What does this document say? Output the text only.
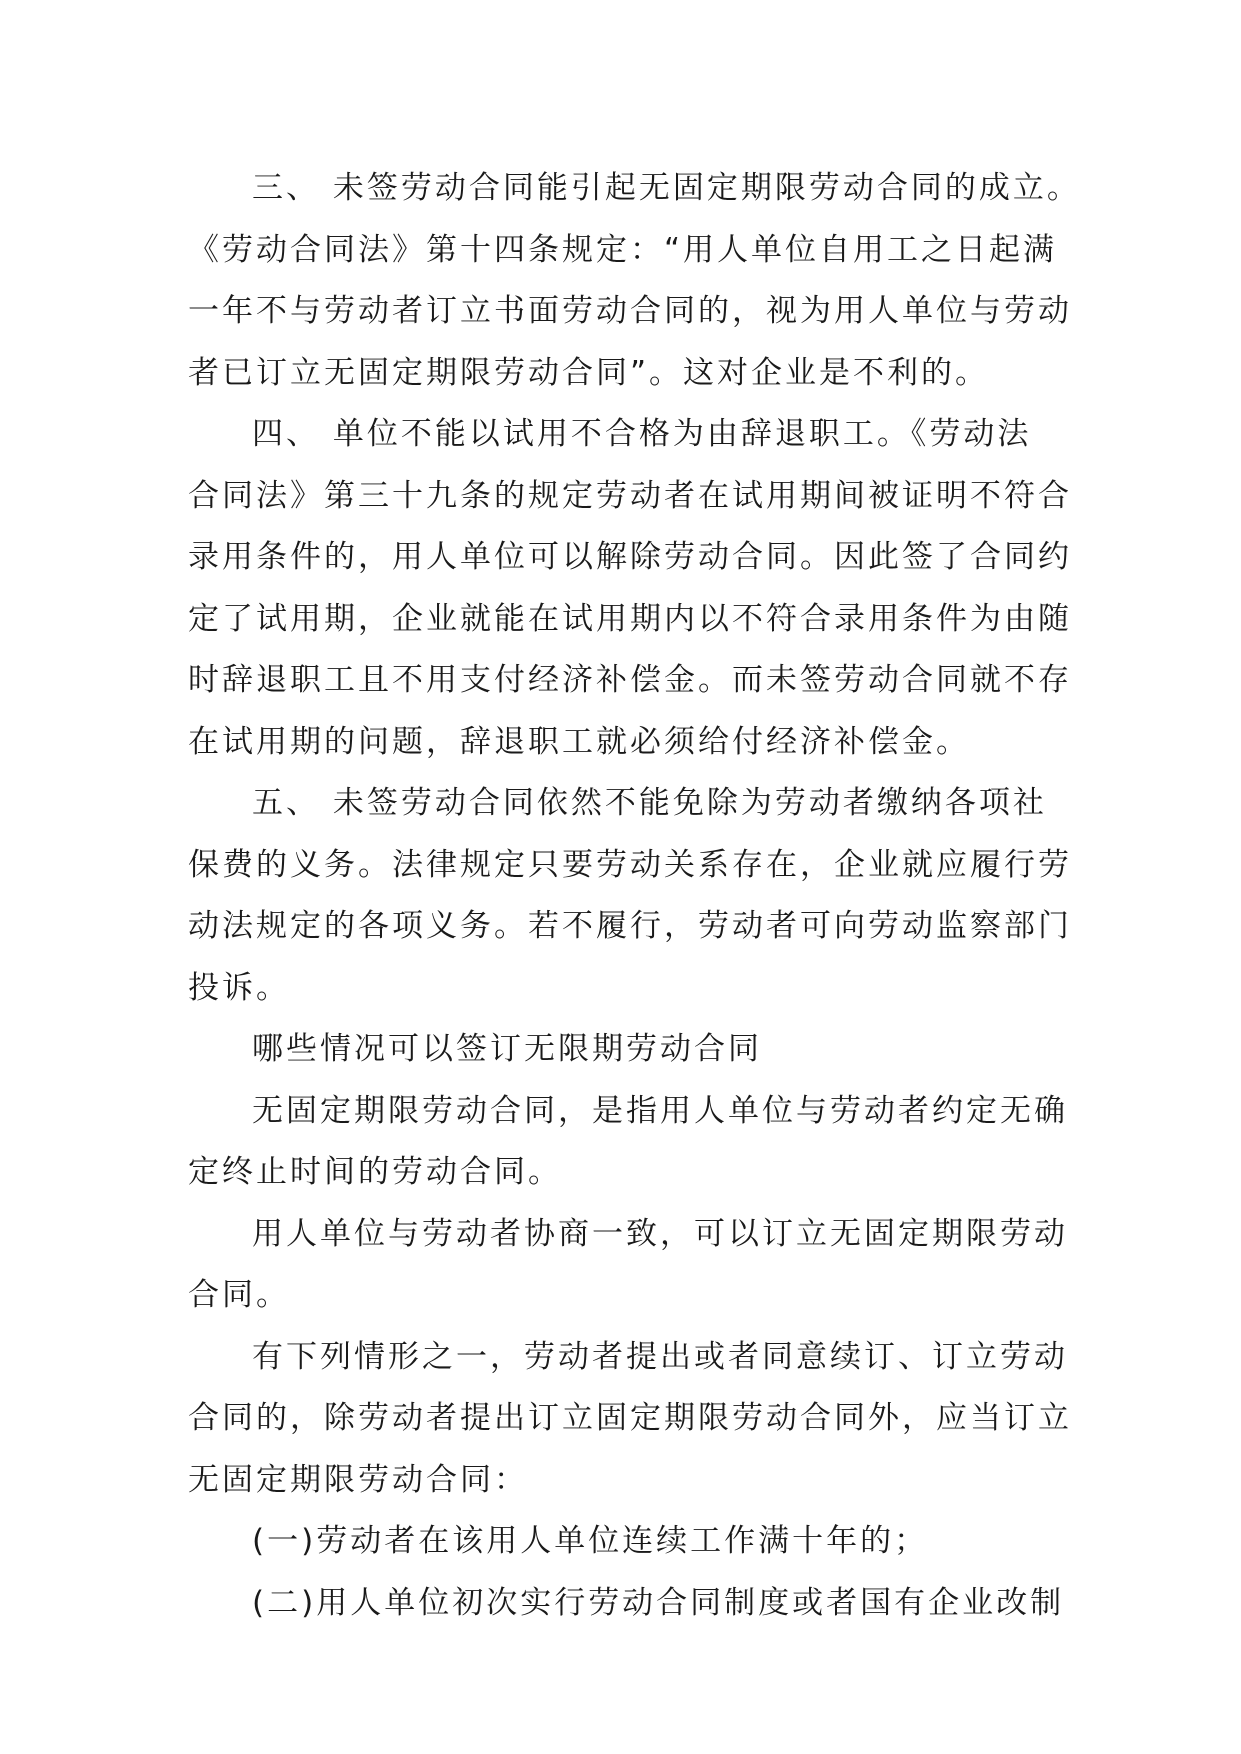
三、 未签劳动合同能引起无固定期限劳动合同的成立。
《劳动合同法》第十四条规定：“用人单位自用工之日起满
一年不与劳动者订立书面劳动合同的，视为用人单位与劳动
者已订立无固定期限劳动合同”。这对企业是不利的。
四、 单位不能以试用不合格为由辞退职工。《劳动法
合同法》第三十九条的规定劳动者在试用期间被证明不符合
录用条件的，用人单位可以解除劳动合同。因此签了合同约
定了试用期，企业就能在试用期内以不符合录用条件为由随
时辞退职工且不用支付经济补偿金。而未签劳动合同就不存
在试用期的问题，辞退职工就必须给付经济补偿金。
五、 未签劳动合同依然不能免除为劳动者缴纳各项社
保费的义务。法律规定只要劳动关系存在，企业就应履行劳
动法规定的各项义务。若不履行，劳动者可向劳动监察部门
投诉。
哪些情况可以签订无限期劳动合同
无固定期限劳动合同，是指用人单位与劳动者约定无确
定终止时间的劳动合同。
用人单位与劳动者协商一致，可以订立无固定期限劳动
合同。
有下列情形之一，劳动者提出或者同意续订、订立劳动
合同的，除劳动者提出订立固定期限劳动合同外，应当订立
无固定期限劳动合同：
(一)劳动者在该用人单位连续工作满十年的；
(二)用人单位初次实行劳动合同制度或者国有企业改制
